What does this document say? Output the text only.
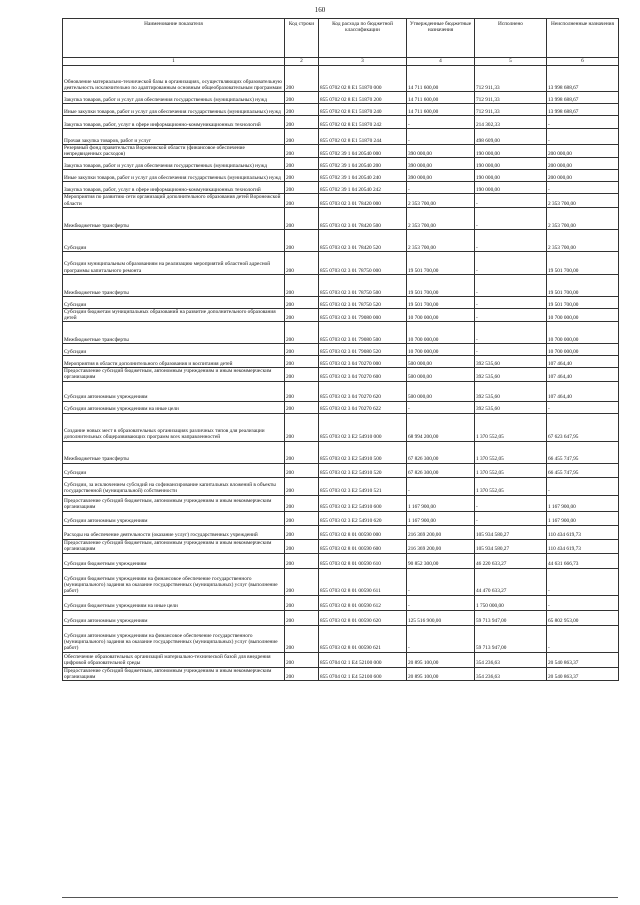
160
Наименование показателя	Код строки	Код расхода по бюджетной классификации	Утвержденные бюджетные назначения	Исполнено	Неисполненные назначения
1	2	3	4	5	6
Обновление материально-технической базы в организациях, осуществляющих образовательную деятельность исключительно по адаптированным основным общеобразовательным программам	200	855 0702 02 8 E1 51870 000	14 711 600,00	712 911,33	13 998 688,67
Закупка товаров, работ и услуг для обеспечения государственных (муниципальных) нужд	200	855 0702 02 8 E1 51870 200	14 711 600,00	712 911,33	13 998 688,67
Иные закупки товаров, работ и услуг для обеспечения государственных (муниципальных) нужд	200	855 0702 02 8 E1 51870 240	14 711 600,00	712 911,33	13 998 688,67
Закупка товаров, работ, услуг в сфере информационно-коммуникационных технологий	200	855 0702 02 8 E1 51870 242	-	214 302,33	-
Прочая закупка товаров, работ и услуг	200	855 0702 02 8 E1 51870 244	-	498 609,00	-
Резервный фонд правительства Воронежской области (финансовое обеспечение непредвиденных расходов)	200	855 0702 39 1 04 20540 000	390 000,00	190 000,00	200 000,00
Закупка товаров, работ и услуг для обеспечения государственных (муниципальных) нужд	200	855 0702 39 1 04 20540 200	390 000,00	190 000,00	200 000,00
Иные закупки товаров, работ и услуг для обеспечения государственных (муниципальных) нужд	200	855 0702 39 1 04 20540 240	390 000,00	190 000,00	200 000,00
Закупка товаров, работ, услуг в сфере информационно-коммуникационных технологий	200	855 0702 39 1 04 20540 242	-	190 000,00	-
Мероприятия по развитию сети организаций дополнительного образования детей Воронежской области	200	855 0703 02 3 01 78420 000	2 353 700,00	-	2 353 700,00
Межбюджетные трансферты	200	855 0703 02 3 01 78420 500	2 353 700,00	-	2 353 700,00
Субсидии	200	855 0703 02 3 01 78420 520	2 353 700,00	-	2 353 700,00
Субсидии муниципальным образованиям на реализацию мероприятий областной адресной программы капитального ремонта	200	855 0703 02 3 01 78750 000	19 501 700,00	-	19 501 700,00
Межбюджетные трансферты	200	855 0703 02 3 01 78750 500	19 501 700,00	-	19 501 700,00
Субсидии	200	855 0703 02 3 01 78750 520	19 501 700,00	-	19 501 700,00
Субсидии бюджетам муниципальных образований на развитие дополнительного образования детей	200	855 0703 02 3 01 79080 000	10 700 000,00	-	10 700 000,00
Межбюджетные трансферты	200	855 0703 02 3 01 79080 500	10 700 000,00	-	10 700 000,00
Субсидии	200	855 0703 02 3 01 79080 520	10 700 000,00	-	10 700 000,00
Мероприятия в области дополнительного образования и воспитания детей	200	855 0703 02 3 04 70270 000	500 000,00	392 535,60	107 464,40
Предоставление субсидий бюджетным, автономным учреждениям и иным некоммерческим организациям	200	855 0703 02 3 04 70270 600	500 000,00	392 535,60	107 464,40
Субсидии автономным учреждениям	200	855 0703 02 3 04 70270 620	500 000,00	392 535,60	107 464,40
Субсидии автономным учреждениям на иные цели	200	855 0703 02 3 04 70270 622	-	392 535,60	-
Создание новых мест в образовательных организациях различных типов для реализации дополнительных общеразвивающих программ всех направленностей	200	855 0703 02 3 E2 54910 000	68 994 200,00	1 370 552,05	67 623 647,95
Межбюджетные трансферты	200	855 0703 02 3 E2 54910 500	67 826 300,00	1 370 552,05	66 455 747,95
Субсидии	200	855 0703 02 3 E2 54910 520	67 826 300,00	1 370 552,05	66 455 747,95
Субсидии, за исключением субсидий на софинансирование капитальных вложений в объекты государственной (муниципальной) собственности	200	855 0703 02 3 E2 54910 521	-	1 370 552,05	-
Предоставление субсидий бюджетным, автономным учреждениям и иным некоммерческим организациям	200	855 0703 02 3 E2 54910 600	1 167 900,00	-	1 167 900,00
Субсидии автономным учреждениям	200	855 0703 02 3 E2 54910 620	1 167 900,00	-	1 167 900,00
Расходы на обеспечение деятельности (оказание услуг) государственных учреждений	200	855 0703 02 8 01 00590 000	216 369 200,00	105 934 580,27	110 434 619,73
Предоставление субсидий бюджетным, автономным учреждениям и иным некоммерческим организациям	200	855 0703 02 8 01 00590 600	216 369 200,00	105 934 580,27	110 434 619,73
Субсидии бюджетным учреждениям	200	855 0703 02 8 01 00590 610	90 852 300,00	46 220 633,27	44 631 666,73
Субсидии бюджетным учреждениям на финансовое обеспечение государственного (муниципального) задания на оказание государственных (муниципальных) услуг (выполнение работ)	200	855 0703 02 8 01 00590 611	-	44 470 633,27	-
Субсидии бюджетным учреждениям на иные цели	200	855 0703 02 8 01 00590 612	-	1 750 000,00	-
Субсидии автономным учреждениям	200	855 0703 02 8 01 00590 620	125 516 900,00	59 713 947,00	65 802 953,00
Субсидии автономным учреждениям на финансовое обеспечение государственного (муниципального) задания на оказание государственных (муниципальных) услуг (выполнение работ)	200	855 0703 02 8 01 00590 621	-	59 713 947,00	-
Обеспечение образовательных организаций материально-технической базой для внедрения цифровой образовательной среды	200	855 0704 02 1 E4 52100 000	20 895 100,00	354 236,63	20 540 863,37
Предоставление субсидий бюджетным, автономным учреждениям и иным некоммерческим организациям	200	855 0704 02 1 E4 52100 600	20 895 100,00	354 236,63	20 540 863,37
